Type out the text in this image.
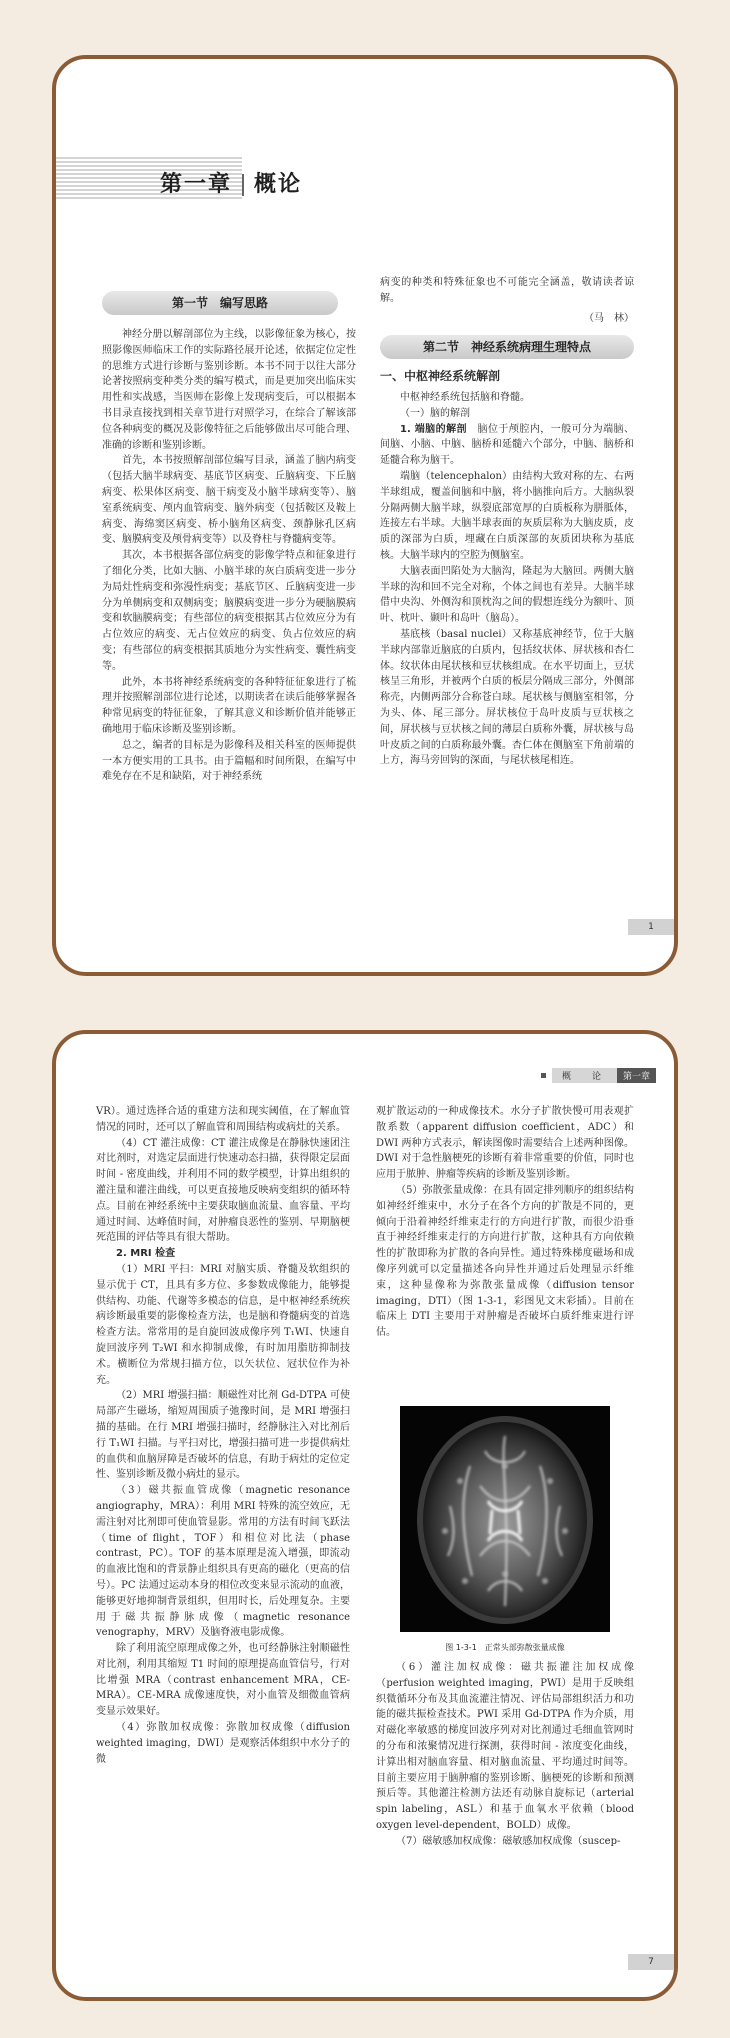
第一章 概论
第一节　编写思路

神经分册以解剖部位为主线，以影像征象为核心，按照影像医师临床工作的实际路径展开论述，依据定位定性的思维方式进行诊断与鉴别诊断。本书不同于以往大部分论著按照病变种类分类的编写模式，而是更加突出临床实用性和实战感，当医师在影像上发现病变后，可以根据本书目录直接找到相关章节进行对照学习，在综合了解该部位各种病变的概况及影像特征之后能够做出尽可能合理、准确的诊断和鉴别诊断。

首先，本书按照解剖部位编写目录，涵盖了脑内病变（包括大脑半球病变、基底节区病变、丘脑病变、下丘脑病变、松果体区病变、脑干病变及小脑半球病变等）、脑室系统病变、颅内血管病变、脑外病变（包括鞍区及鞍上病变、海绵窦区病变、桥小脑角区病变、颈静脉孔区病变、脑膜病变及颅骨病变等）以及脊柱与脊髓病变等。

其次，本书根据各部位病变的影像学特点和征象进行了细化分类，比如大脑、小脑半球的灰白质病变进一步分为局灶性病变和弥漫性病变；基底节区、丘脑病变进一步分为单侧病变和双侧病变；脑膜病变进一步分为硬脑膜病变和软脑膜病变；有些部位的病变根据其占位效应分为有占位效应的病变、无占位效应的病变、负占位效应的病变；有些部位的病变根据其质地分为实性病变、囊性病变等。

此外，本书将神经系统病变的各种特征征象进行了梳理并按照解剖部位进行论述，以期读者在读后能够掌握各种常见病变的特征征象，了解其意义和诊断价值并能够正确地用于临床诊断及鉴别诊断。

总之，编者的目标是为影像科及相关科室的医师提供一本方便实用的工具书。由于篇幅和时间所限，在编写中难免存在不足和缺陷，对于神经系统

病变的种类和特殊征象也不可能完全涵盖，敬请读者谅解。

（马　林）

第二节　神经系统病理生理特点

一、中枢神经系统解剖

中枢神经系统包括脑和脊髓。

（一）脑的解剖

1. 端脑的解剖　 脑位于颅腔内，一般可分为端脑、间脑、小脑、中脑、脑桥和延髓六个部分，中脑、脑桥和延髓合称为脑干。

端脑（telencephalon）由结构大致对称的左、右两半球组成，覆盖间脑和中脑，将小脑推向后方。大脑纵裂分隔两侧大脑半球，纵裂底部宽厚的白质板称为胼胝体，连接左右半球。大脑半球表面的灰质层称为大脑皮质，皮质的深部为白质，埋藏在白质深部的灰质团块称为基底核。大脑半球内的空腔为侧脑室。

大脑表面凹陷处为大脑沟，隆起为大脑回。两侧大脑半球的沟和回不完全对称，个体之间也有差异。大脑半球借中央沟、外侧沟和顶枕沟之间的假想连线分为额叶、顶叶、枕叶、颞叶和岛叶（脑岛）。

基底核（basal nuclei）又称基底神经节，位于大脑半球内部靠近脑底的白质内，包括纹状体、屏状核和杏仁体。纹状体由尾状核和豆状核组成。在水平切面上，豆状核呈三角形，并被两个白质的板层分隔成三部分，外侧部称壳，内侧两部分合称苍白球。尾状核与侧脑室相邻，分为头、体、尾三部分。屏状核位于岛叶皮质与豆状核之间，屏状核与豆状核之间的薄层白质称外囊，屏状核与岛叶皮质之间的白质称最外囊。杏仁体在侧脑室下角前端的上方，海马旁回钩的深面，与尾状核尾相连。

1
概　论	第一章

VR）。通过选择合适的重建方法和现实阈值，在了解血管情况的同时，还可以了解血管和周围结构或病灶的关系。

（4）CT 灌注成像：CT 灌注成像是在静脉快速团注对比剂时，对选定层面进行快速动态扫描，获得限定层面时间 - 密度曲线，并利用不同的数学模型，计算出组织的灌注量和灌注曲线，可以更直接地反映病变组织的循环特点。目前在神经系统中主要获取脑血流量、血容量、平均通过时间、达峰值时间，对肿瘤良恶性的鉴别、早期脑梗死范围的评估等具有很大帮助。

2. MRI 检查

（1）MRI 平扫：MRI 对脑实质、脊髓及软组织的显示优于 CT，且具有多方位、多参数成像能力，能够提供结构、功能、代谢等多模态的信息，是中枢神经系统疾病诊断最重要的影像检查方法，也是脑和脊髓病变的首选检查方法。常常用的是自旋回波成像序列 T₁WI、快速自旋回波序列 T₂WI 和水抑制成像，有时加用脂肪抑制技术。横断位为常规扫描方位，以矢状位、冠状位作为补充。

（2）MRI 增强扫描：顺磁性对比剂 Gd-DTPA 可使局部产生磁场，缩短周围质子弛豫时间，是 MRI 增强扫描的基础。在行 MRI 增强扫描时，经静脉注入对比剂后行 T₁WI 扫描。与平扫对比，增强扫描可进一步提供病灶的血供和血脑屏障是否破坏的信息，有助于病灶的定位定性、鉴别诊断及微小病灶的显示。

（3）磁共振血管成像（magnetic resonance angiography，MRA）：利用 MRI 特殊的流空效应，无需注射对比剂即可使血管显影。常用的方法有时间飞跃法（time of flight，TOF）和相位对比法（phase contrast，PC）。TOF 的基本原理是流入增强，即流动的血液比饱和的背景静止组织具有更高的磁化（更高的信号）。PC 法通过运动本身的相位改变来显示流动的血液，能够更好地抑制背景组织，但用时长，后处理复杂。主要用于磁共振静脉成像（magnetic resonance venography，MRV）及脑脊液电影成像。

除了利用流空原理成像之外，也可经静脉注射顺磁性对比剂，利用其缩短 T1 时间的原理提高血管信号，行对比增强 MRA（contrast enhancement MRA，CE-MRA）。CE-MRA 成像速度快，对小血管及细微血管病变显示效果好。

（4）弥散加权成像：弥散加权成像（diffusion weighted imaging，DWI）是观察活体组织中水分子的微

观扩散运动的一种成像技术。水分子扩散快慢可用表观扩散系数（apparent diffusion coefficient，ADC）和 DWI 两种方式表示，解读图像时需要结合上述两种图像。DWI 对于急性脑梗死的诊断有着非常重要的价值，同时也应用于脓肿、肿瘤等疾病的诊断及鉴别诊断。

（5）弥散张量成像：在具有固定排列顺序的组织结构如神经纤维束中，水分子在各个方向的扩散是不同的，更倾向于沿着神经纤维束走行的方向进行扩散，而很少沿垂直于神经纤维束走行的方向进行扩散，这种具有方向依赖性的扩散即称为扩散的各向异性。通过特殊梯度磁场和成像序列就可以定量描述各向异性并通过后处理显示纤维束，这种显像称为弥散张量成像（diffusion tensor imaging，DTI）（图 1-3-1，彩图见文末彩插）。目前在临床上 DTI 主要用于对肿瘤是否破坏白质纤维束进行评估。

图 1-3-1　正常头部弥散张量成像

（6）灌注加权成像：磁共振灌注加权成像（perfusion weighted imaging，PWI）是用于反映组织微循环分布及其血流灌注情况、评估局部组织活力和功能的磁共振检查技术。PWI 采用 Gd-DTPA 作为介质，用对磁化率敏感的梯度回波序列对对比剂通过毛细血管网时的分布和浓聚情况进行探测，获得时间 - 浓度变化曲线，计算出相对脑血容量、相对脑血流量、平均通过时间等。目前主要应用于脑肿瘤的鉴别诊断、脑梗死的诊断和预测预后等。其他灌注检测方法还有动脉自旋标记（arterial spin labeling，ASL）和基于血氧水平依赖（blood oxygen level-dependent，BOLD）成像。

（7）磁敏感加权成像：磁敏感加权成像（suscep-

7
